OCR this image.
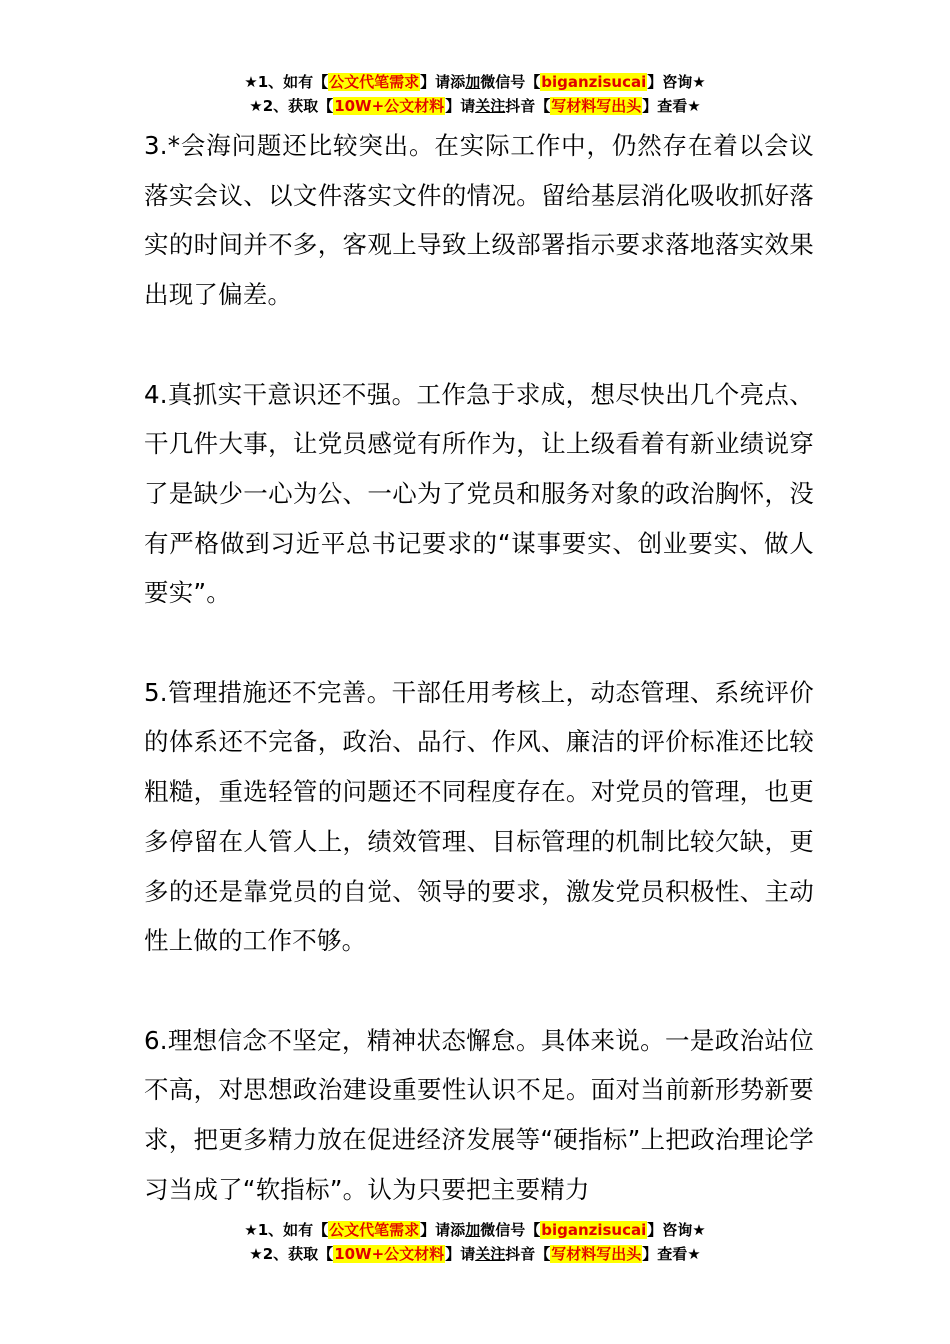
★1、如有【公文代笔需求】请添加微信号【biganzisucai】咨询★
★2、获取【10W+公文材料】请关注抖音【写材料写出头】查看★

3.*会海问题还比较突出。在实际工作中，仍然存在着以会议落实会议、以文件落实文件的情况。留给基层消化吸收抓好落实的时间并不多，客观上导致上级部署指示要求落地落实效果出现了偏差。

4.真抓实干意识还不强。工作急于求成，想尽快出几个亮点、干几件大事，让党员感觉有所作为，让上级看着有新业绩说穿了是缺少一心为公、一心为了党员和服务对象的政治胸怀，没有严格做到习近平总书记要求的“谋事要实、创业要实、做人要实”。

5.管理措施还不完善。干部任用考核上，动态管理、系统评价的体系还不完备，政治、品行、作风、廉洁的评价标准还比较粗糙，重选轻管的问题还不同程度存在。对党员的管理，也更多停留在人管人上，绩效管理、目标管理的机制比较欠缺，更多的还是靠党员的自觉、领导的要求，激发党员积极性、主动性上做的工作不够。

6.理想信念不坚定，精神状态懈怠。具体来说。一是政治站位不高，对思想政治建设重要性认识不足。面对当前新形势新要求，把更多精力放在促进经济发展等“硬指标”上把政治理论学习当成了“软指标”。认为只要把主要精力

★1、如有【公文代笔需求】请添加微信号【biganzisucai】咨询★
★2、获取【10W+公文材料】请关注抖音【写材料写出头】查看★
